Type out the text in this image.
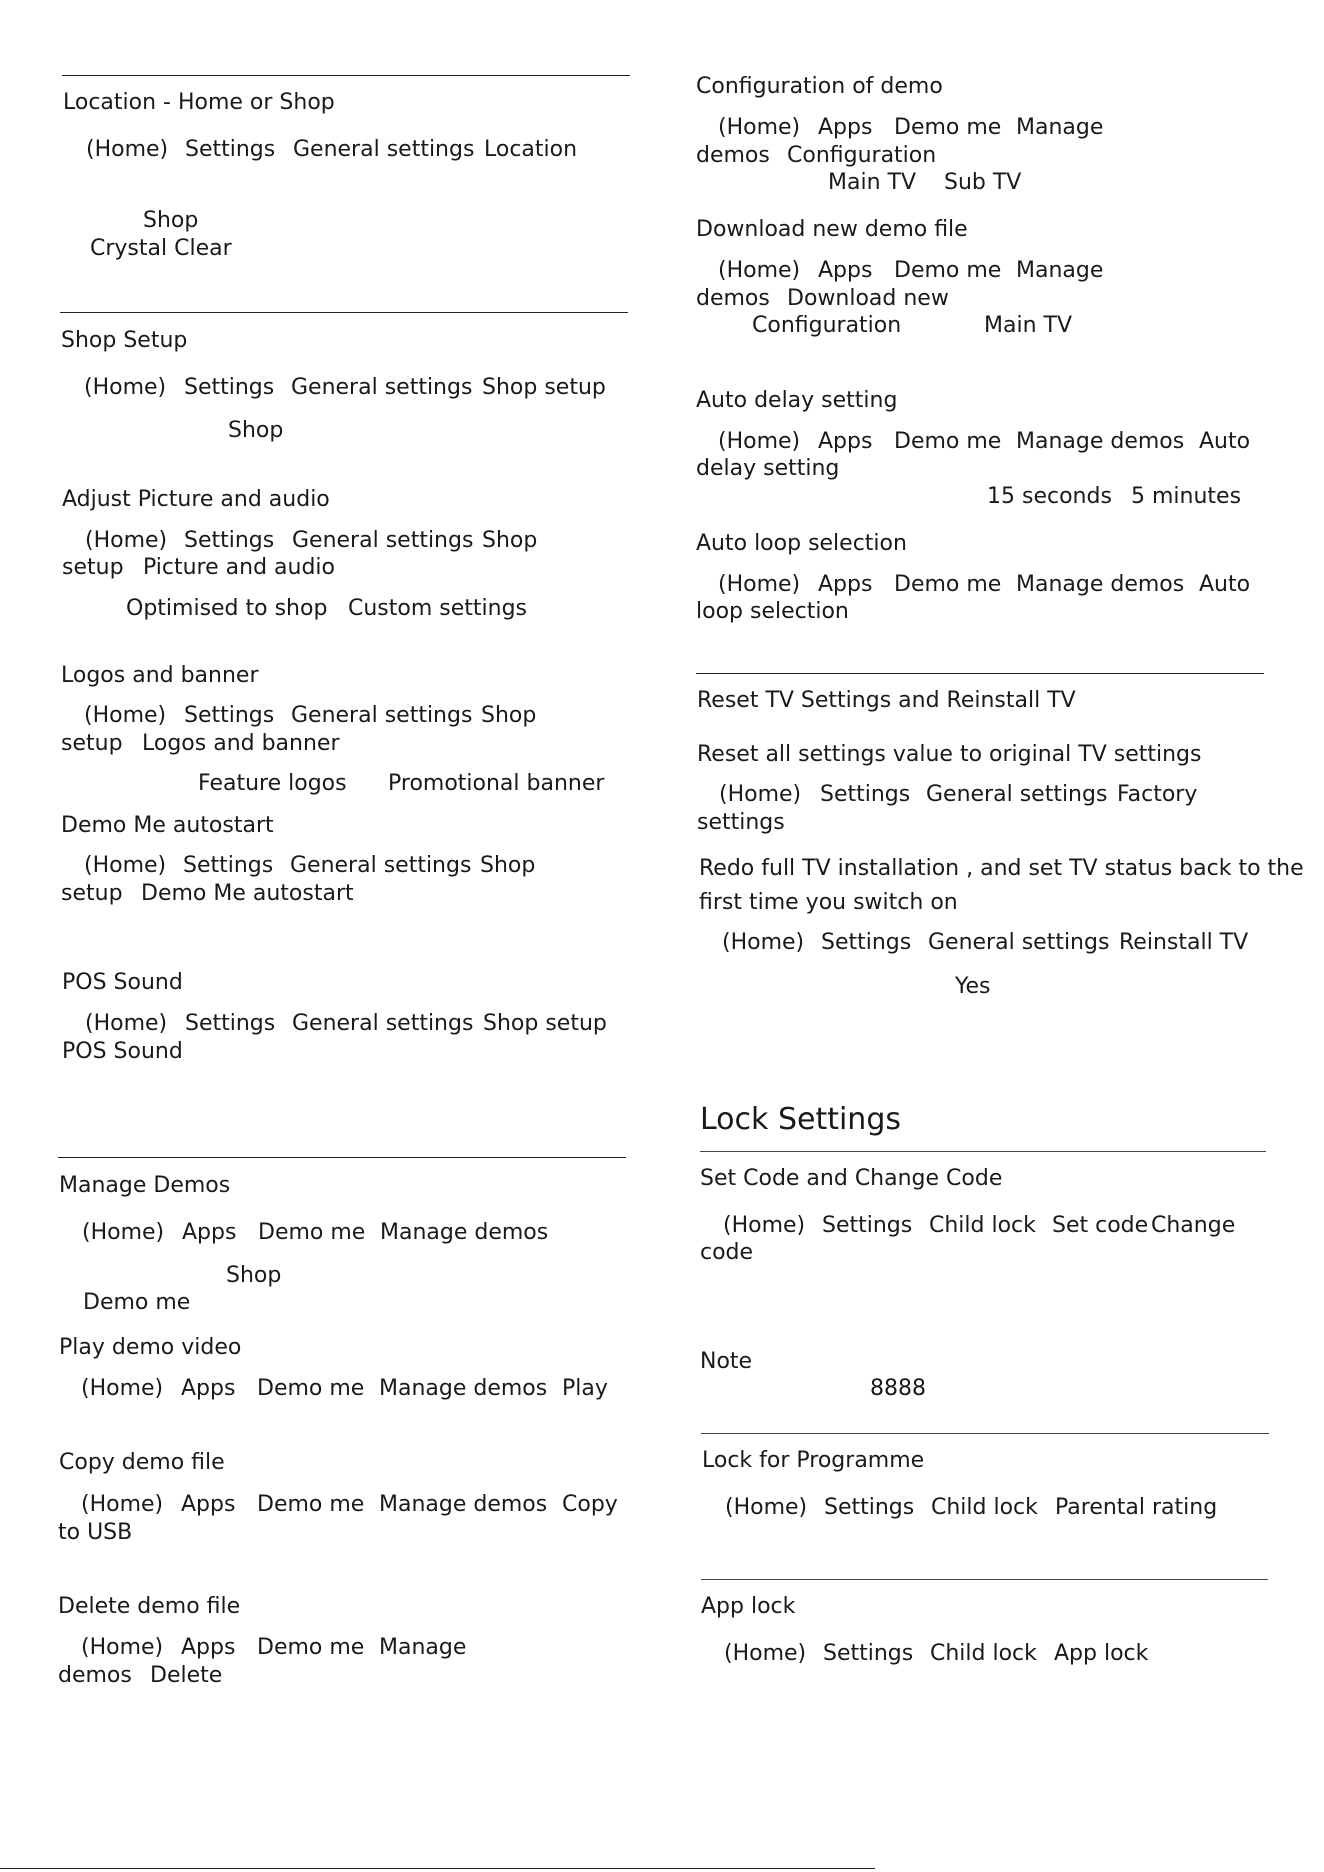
Location - Home or Shop
(Home) Settings General settings Location
Shop
Crystal Clear
Shop Setup
(Home) Settings General settings Shop setup
Shop
Adjust Picture and audio
(Home) Settings General settings Shop
setup Picture and audio
Optimised to shop Custom settings
Logos and banner
(Home) Settings General settings Shop
setup Logos and banner
Feature logos Promotional banner
Demo Me autostart
(Home) Settings General settings Shop
setup Demo Me autostart
POS Sound
(Home) Settings General settings Shop setup
POS Sound
Manage Demos
(Home) Apps Demo me Manage demos
Shop
Demo me
Play demo video
(Home) Apps Demo me Manage demos Play
Copy demo file
(Home) Apps Demo me Manage demos Copy
to USB
Delete demo file
(Home) Apps Demo me Manage
demos Delete
Configuration of demo
(Home) Apps Demo me Manage
demos Configuration
Main TV Sub TV
Download new demo file
(Home) Apps Demo me Manage
demos Download new
Configuration	Main TV
Auto delay setting
(Home) Apps Demo me Manage demos Auto
delay setting
15 seconds 5 minutes
Auto loop selection
(Home) Apps Demo me Manage demos Auto
loop selection
Reset TV Settings and Reinstall TV
Reset all settings value to original TV settings
(Home) Settings General settings Factory
settings
Redo full TV installation , and set TV status back to the
first time you switch on
(Home) Settings General settings Reinstall TV
Yes
Lock Settings
Set Code and Change Code
(Home) Settings Child lock Set code Change
code
Note
8888
Lock for Programme
(Home) Settings Child lock Parental rating
App lock
(Home) Settings Child lock App lock
